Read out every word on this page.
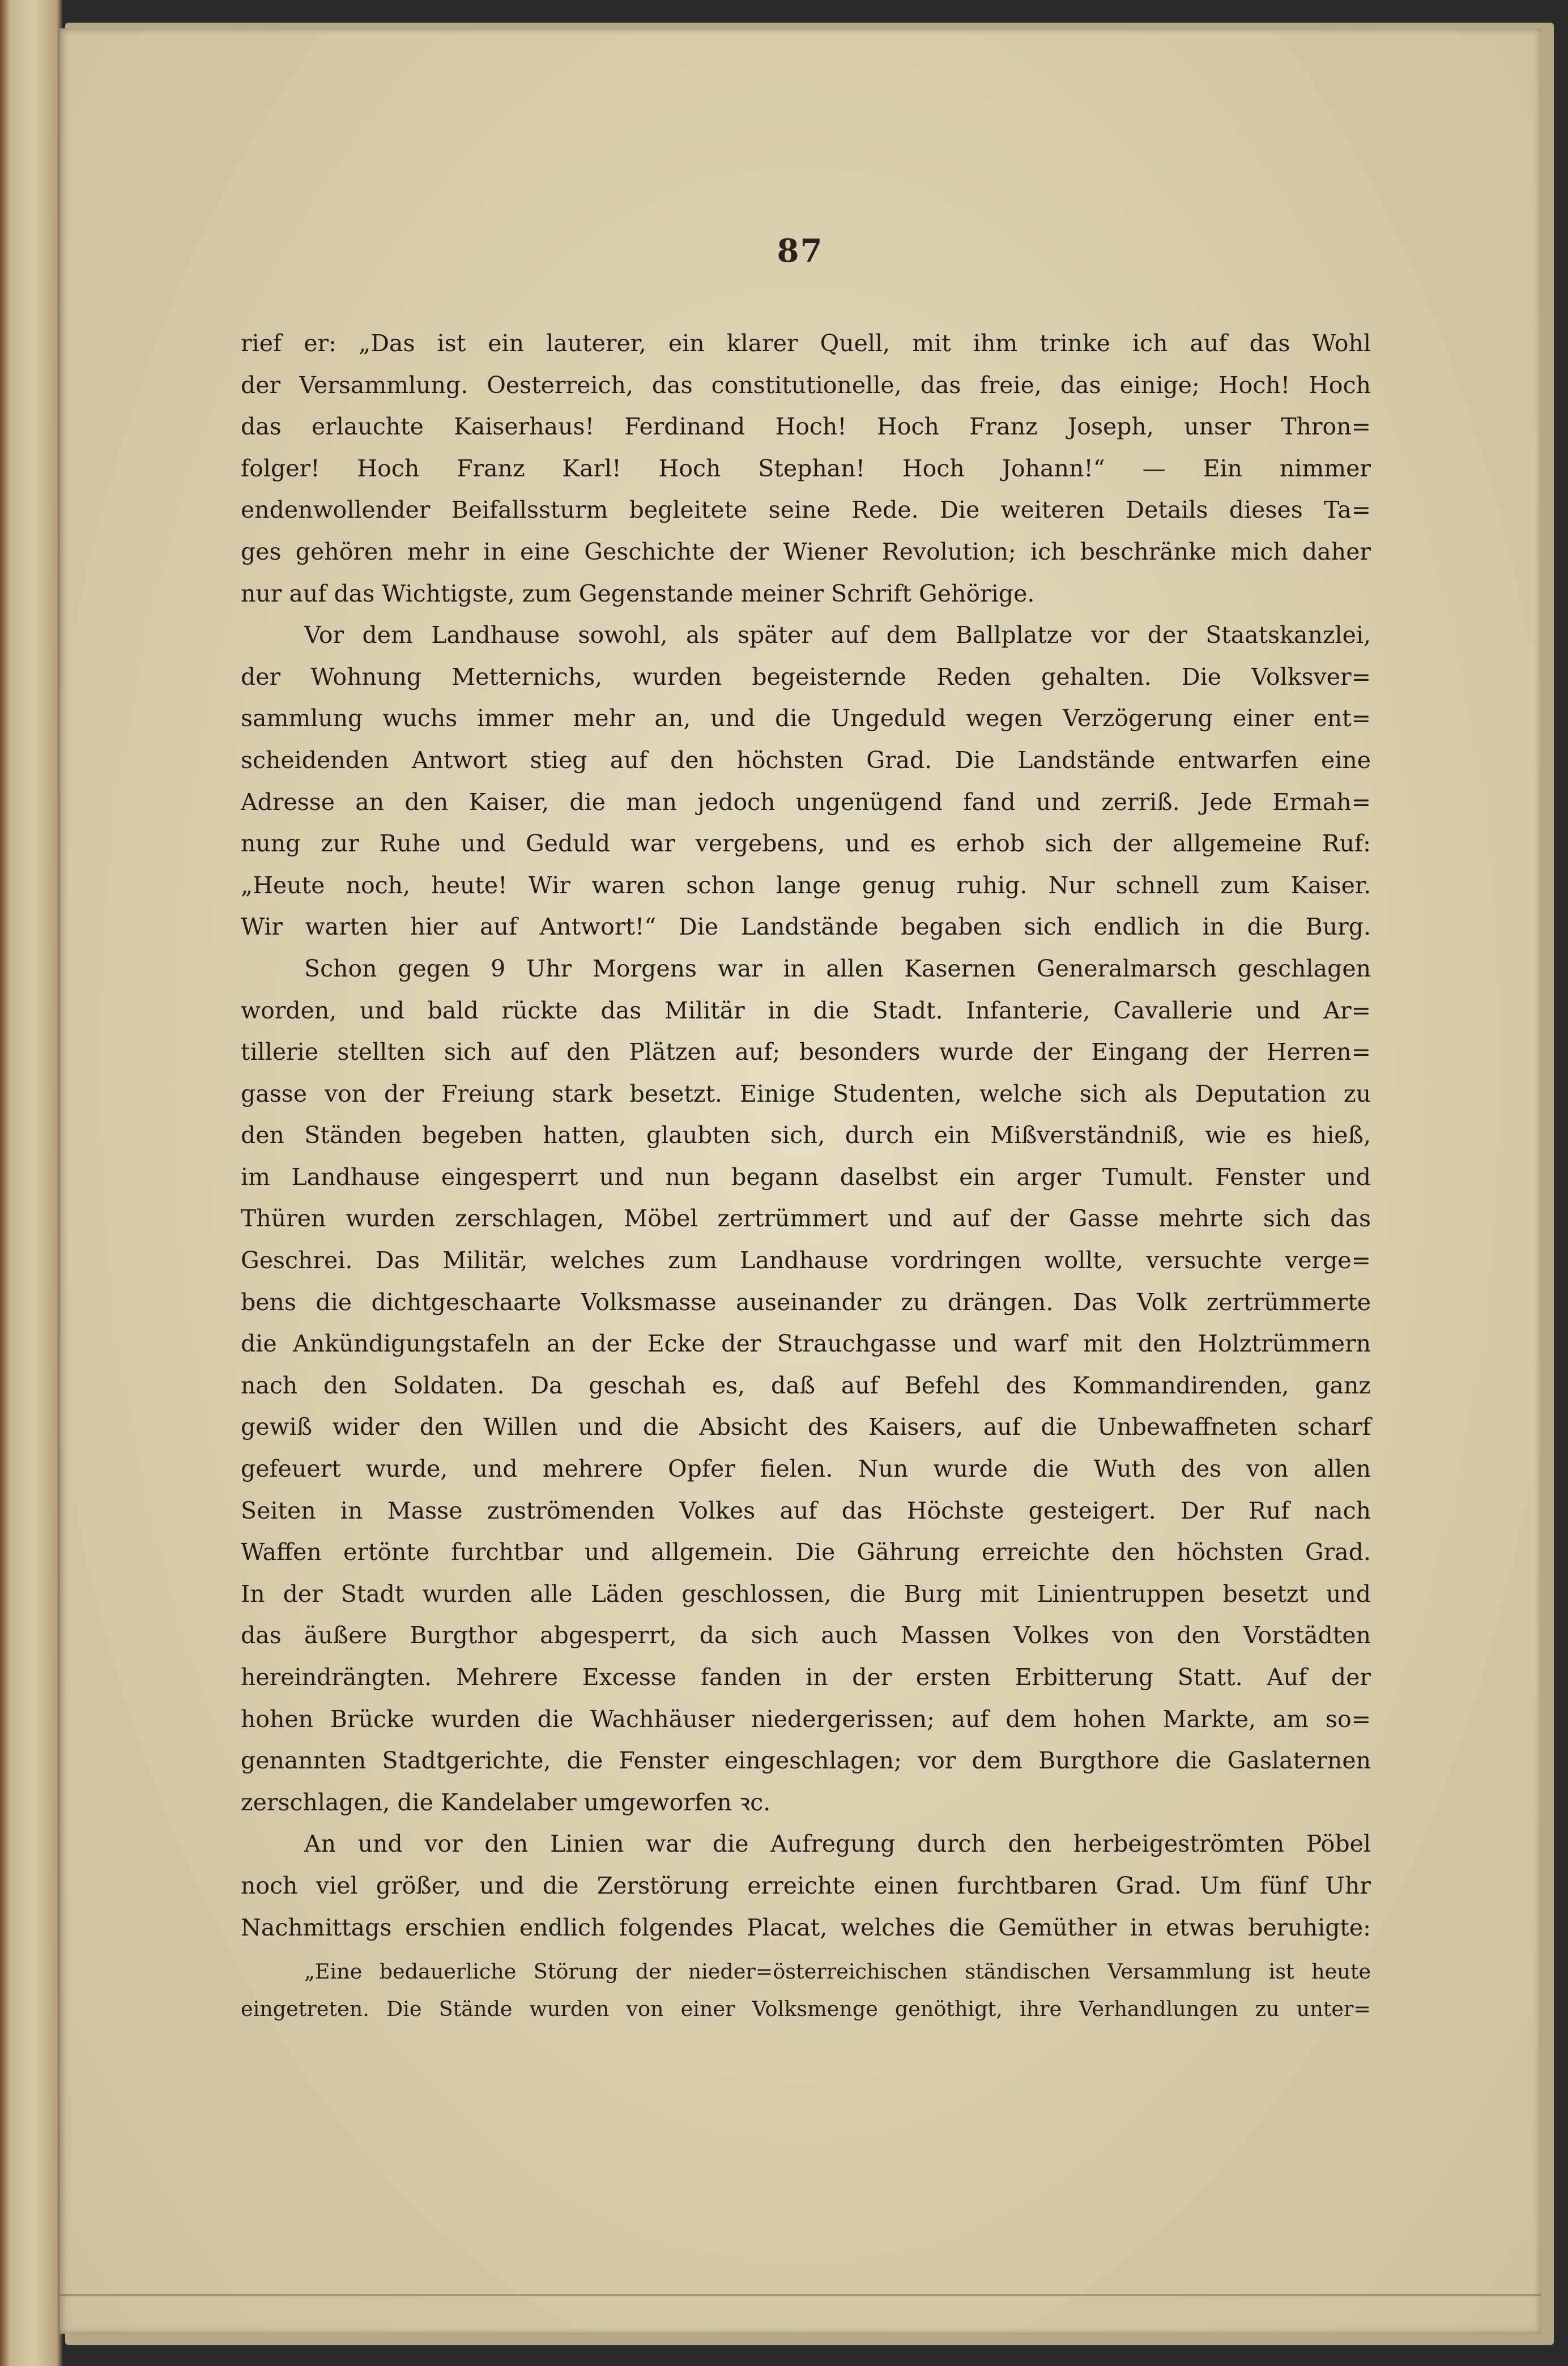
87
rief er: „Das ist ein lauterer, ein klarer Quell, mit ihm trinke ich auf das Wohl
der Versammlung. Oesterreich, das constitutionelle, das freie, das einige; Hoch! Hoch
das erlauchte Kaiserhaus! Ferdinand Hoch! Hoch Franz Joseph, unser Thron=
folger! Hoch Franz Karl! Hoch Stephan! Hoch Johann!“ — Ein nimmer
endenwollender Beifallssturm begleitete seine Rede. Die weiteren Details dieses Ta=
ges gehören mehr in eine Geschichte der Wiener Revolution; ich beschränke mich daher
nur auf das Wichtigste, zum Gegenstande meiner Schrift Gehörige.
Vor dem Landhause sowohl, als später auf dem Ballplatze vor der Staatskanzlei,
der Wohnung Metternichs, wurden begeisternde Reden gehalten. Die Volksver=
sammlung wuchs immer mehr an, und die Ungeduld wegen Verzögerung einer ent=
scheidenden Antwort stieg auf den höchsten Grad. Die Landstände entwarfen eine
Adresse an den Kaiser, die man jedoch ungenügend fand und zerriß. Jede Ermah=
nung zur Ruhe und Geduld war vergebens, und es erhob sich der allgemeine Ruf:
„Heute noch, heute! Wir waren schon lange genug ruhig. Nur schnell zum Kaiser.
Wir warten hier auf Antwort!“ Die Landstände begaben sich endlich in die Burg.
Schon gegen 9 Uhr Morgens war in allen Kasernen Generalmarsch geschlagen
worden, und bald rückte das Militär in die Stadt. Infanterie, Cavallerie und Ar=
tillerie stellten sich auf den Plätzen auf; besonders wurde der Eingang der Herren=
gasse von der Freiung stark besetzt. Einige Studenten, welche sich als Deputation zu
den Ständen begeben hatten, glaubten sich, durch ein Mißverständniß, wie es hieß,
im Landhause eingesperrt und nun begann daselbst ein arger Tumult. Fenster und
Thüren wurden zerschlagen, Möbel zertrümmert und auf der Gasse mehrte sich das
Geschrei. Das Militär, welches zum Landhause vordringen wollte, versuchte verge=
bens die dichtgeschaarte Volksmasse auseinander zu drängen. Das Volk zertrümmerte
die Ankündigungstafeln an der Ecke der Strauchgasse und warf mit den Holztrümmern
nach den Soldaten. Da geschah es, daß auf Befehl des Kommandirenden, ganz
gewiß wider den Willen und die Absicht des Kaisers, auf die Unbewaffneten scharf
gefeuert wurde, und mehrere Opfer fielen. Nun wurde die Wuth des von allen
Seiten in Masse zuströmenden Volkes auf das Höchste gesteigert. Der Ruf nach
Waffen ertönte furchtbar und allgemein. Die Gährung erreichte den höchsten Grad.
In der Stadt wurden alle Läden geschlossen, die Burg mit Linientruppen besetzt und
das äußere Burgthor abgesperrt, da sich auch Massen Volkes von den Vorstädten
hereindrängten. Mehrere Excesse fanden in der ersten Erbitterung Statt. Auf der
hohen Brücke wurden die Wachhäuser niedergerissen; auf dem hohen Markte, am so=
genannten Stadtgerichte, die Fenster eingeschlagen; vor dem Burgthore die Gaslaternen
zerschlagen, die Kandelaber umgeworfen ꝛc.
An und vor den Linien war die Aufregung durch den herbeigeströmten Pöbel
noch viel größer, und die Zerstörung erreichte einen furchtbaren Grad. Um fünf Uhr
Nachmittags erschien endlich folgendes Placat, welches die Gemüther in etwas beruhigte:
„Eine bedauerliche Störung der nieder=österreichischen ständischen Versammlung ist heute
eingetreten. Die Stände wurden von einer Volksmenge genöthigt, ihre Verhandlungen zu unter=
